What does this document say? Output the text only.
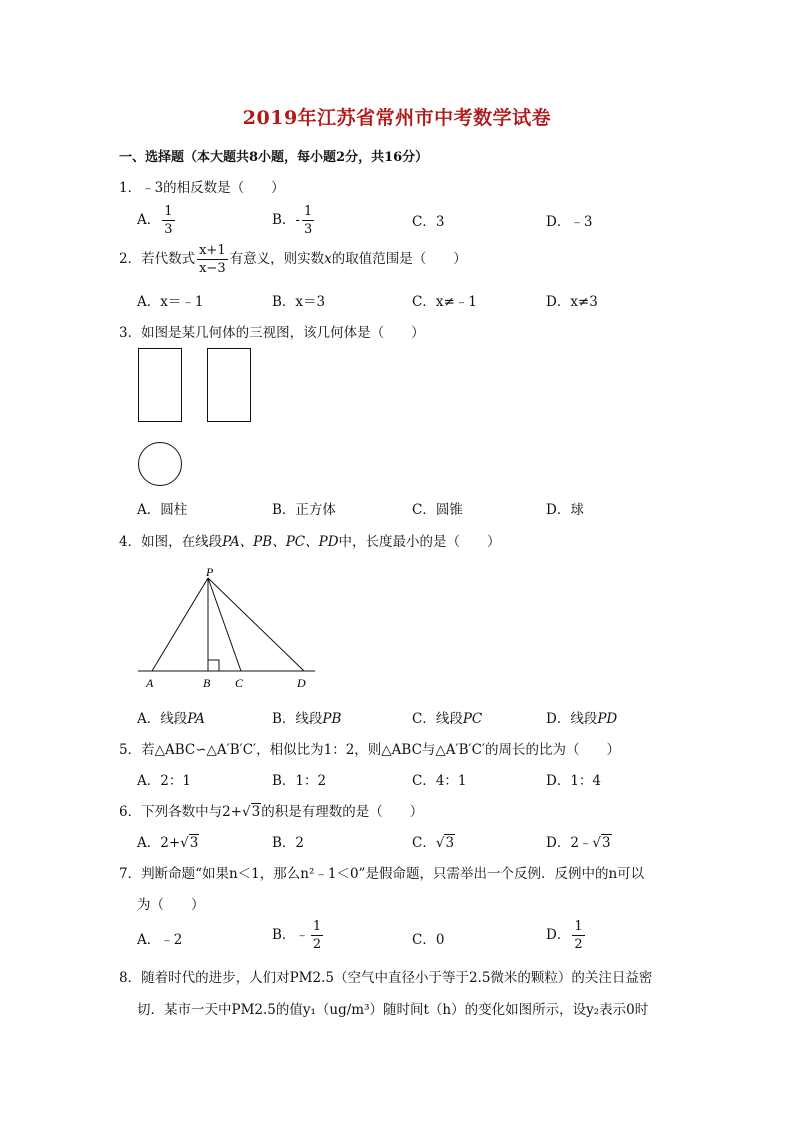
2019年江苏省常州市中考数学试卷
一、选择题（本大题共8小题，每小题2分，共16分）
1．﹣3的相反数是（　　）
A． $\frac{1}{3}$	B．- $\frac{1}{3}$	C．3	D．﹣3
2．若代数式 $\frac{x+1}{x-3}$ 有意义，则实数x的取值范围是（　　）
A．x＝﹣1	B．x＝3	C．x≠﹣1	D．x≠3
3．如图是某几何体的三视图，该几何体是（　　）
A．圆柱	B．正方体	C．圆锥	D．球
4．如图，在线段PA、PB、PC、PD中，长度最小的是（　　）
P
A	B C	D
A．线段PA	B．线段PB	C．线段PC	D．线段PD
5．若△ABC∽△A′B′C′，相似比为1：2，则△ABC与△A′B′C′的周长的比为（　　）
A．2：1	B．1：2	C．4：1	D．1：4
6．下列各数中与2+√3的积是有理数的是（　　）
A．2+√3	B．2	C．√3	D．2﹣√3
7．判断命题“如果n＜1，那么n²﹣1＜0”是假命题，只需举出一个反例．反例中的n可以
为（　　）
A．﹣2	B．﹣ $\frac{1}{2}$	C．0	D． $\frac{1}{2}$
8．随着时代的进步，人们对PM2.5（空气中直径小于等于2.5微米的颗粒）的关注日益密
切．某市一天中PM2.5的值y₁（ug/m³）随时间t（h）的变化如图所示，设y₂表示0时
